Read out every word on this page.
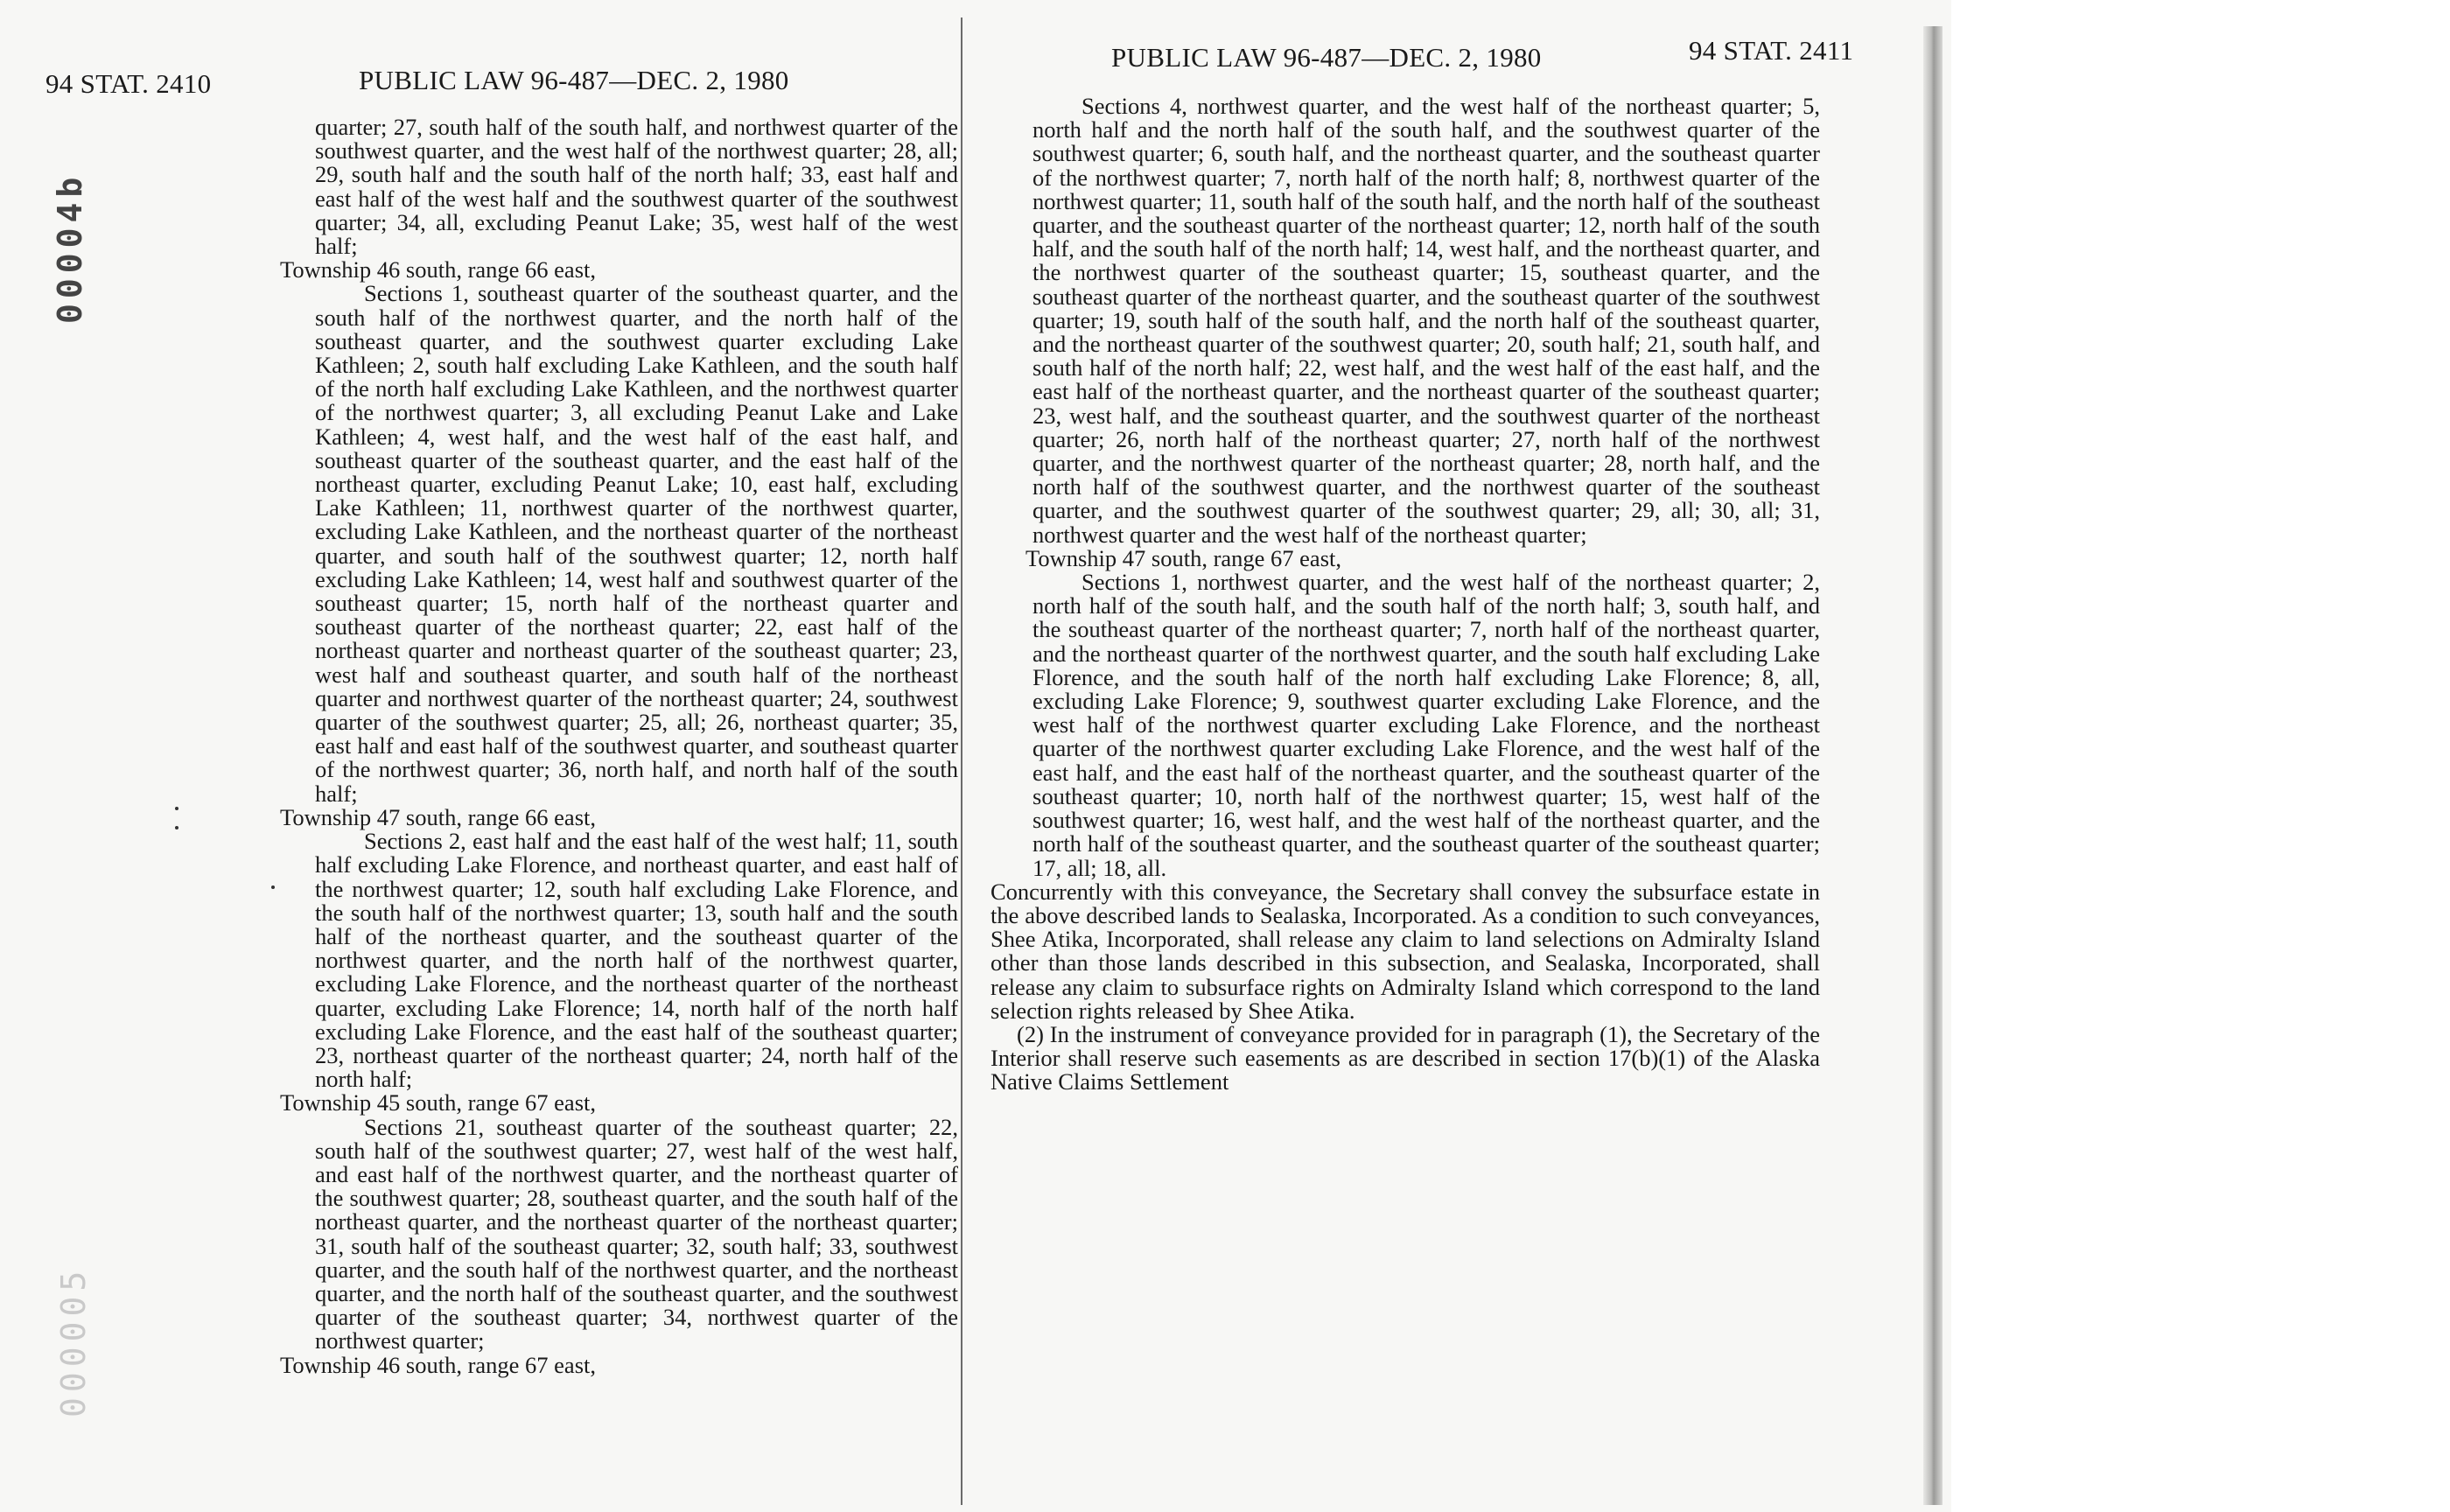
94 STAT. 2410	PUBLIC LAW 96-487—DEC. 2, 1980
00004b
000005

quarter; 27, south half of the south half, and northwest quarter of the southwest quarter, and the west half of the northwest quarter; 28, all; 29, south half and the south half of the north half; 33, east half and east half of the west half and the southwest quarter of the southwest quarter; 34, all, excluding Peanut Lake; 35, west half of the west half;

Township 46 south, range 66 east,

Sections 1, southeast quarter of the southeast quarter, and the south half of the northwest quarter, and the north half of the southeast quarter, and the southwest quarter excluding Lake Kathleen; 2, south half excluding Lake Kathleen, and the south half of the north half excluding Lake Kathleen, and the northwest quarter of the northwest quarter; 3, all excluding Peanut Lake and Lake Kathleen; 4, west half, and the west half of the east half, and southeast quarter of the southeast quarter, and the east half of the northeast quarter, excluding Peanut Lake; 10, east half, excluding Lake Kathleen; 11, northwest quarter of the northwest quarter, excluding Lake Kathleen, and the northeast quarter of the northeast quarter, and south half of the southwest quarter; 12, north half excluding Lake Kathleen; 14, west half and southwest quarter of the southeast quarter; 15, north half of the northeast quarter and southeast quarter of the northeast quarter; 22, east half of the northeast quarter and northeast quarter of the southeast quarter; 23, west half and southeast quarter, and south half of the northeast quarter and northwest quarter of the northeast quarter; 24, southwest quarter of the southwest quarter; 25, all; 26, northeast quarter; 35, east half and east half of the southwest quarter, and southeast quarter of the northwest quarter; 36, north half, and north half of the south half;

Township 47 south, range 66 east,

Sections 2, east half and the east half of the west half; 11, south half excluding Lake Florence, and northeast quarter, and east half of the northwest quarter; 12, south half excluding Lake Florence, and the south half of the northwest quarter; 13, south half and the south half of the northeast quarter, and the southeast quarter of the northwest quarter, and the north half of the northwest quarter, excluding Lake Florence, and the northeast quarter of the northeast quarter, excluding Lake Florence; 14, north half of the north half excluding Lake Florence, and the east half of the southeast quarter; 23, northeast quarter of the northeast quarter; 24, north half of the north half;

Township 45 south, range 67 east,

Sections 21, southeast quarter of the southeast quarter; 22, south half of the southwest quarter; 27, west half of the west half, and east half of the northwest quarter, and the northeast quarter of the southwest quarter; 28, southeast quarter, and the south half of the northeast quarter, and the northeast quarter of the northeast quarter; 31, south half of the southeast quarter; 32, south half; 33, southwest quarter, and the south half of the northwest quarter, and the northeast quarter, and the north half of the southeast quarter, and the southwest quarter of the southeast quarter; 34, northwest quarter of the northwest quarter;

Township 46 south, range 67 east,

PUBLIC LAW 96-487—DEC. 2, 1980	94 STAT. 2411

Sections 4, northwest quarter, and the west half of the northeast quarter; 5, north half and the north half of the south half, and the southwest quarter of the southwest quarter; 6, south half, and the northeast quarter, and the southeast quarter of the northwest quarter; 7, north half of the north half; 8, northwest quarter of the northwest quarter; 11, south half of the south half, and the north half of the southeast quarter, and the southeast quarter of the northeast quarter; 12, north half of the south half, and the south half of the north half; 14, west half, and the northeast quarter, and the northwest quarter of the southeast quarter; 15, southeast quarter, and the southeast quarter of the northeast quarter, and the southeast quarter of the southwest quarter; 19, south half of the south half, and the north half of the southeast quarter, and the northeast quarter of the southwest quarter; 20, south half; 21, south half, and south half of the north half; 22, west half, and the west half of the east half, and the east half of the northeast quarter, and the northeast quarter of the southeast quarter; 23, west half, and the southeast quarter, and the southwest quarter of the northeast quarter; 26, north half of the northeast quarter; 27, north half of the northwest quarter, and the northwest quarter of the northeast quarter; 28, north half, and the north half of the southwest quarter, and the northwest quarter of the southeast quarter, and the southwest quarter of the southwest quarter; 29, all; 30, all; 31, northwest quarter and the west half of the northeast quarter;

Township 47 south, range 67 east,

Sections 1, northwest quarter, and the west half of the northeast quarter; 2, north half of the south half, and the south half of the north half; 3, south half, and the southeast quarter of the northeast quarter; 7, north half of the northeast quarter, and the northeast quarter of the northwest quarter, and the south half excluding Lake Florence, and the south half of the north half excluding Lake Florence; 8, all, excluding Lake Florence; 9, southwest quarter excluding Lake Florence, and the west half of the northwest quarter excluding Lake Florence, and the northeast quarter of the northwest quarter excluding Lake Florence, and the west half of the east half, and the east half of the northeast quarter, and the southeast quarter of the southeast quarter; 10, north half of the northwest quarter; 15, west half of the southwest quarter; 16, west half, and the west half of the northeast quarter, and the north half of the southeast quarter, and the southeast quarter of the southeast quarter; 17, all; 18, all.

Concurrently with this conveyance, the Secretary shall convey the subsurface estate in the above described lands to Sealaska, Incorporated. As a condition to such conveyances, Shee Atika, Incorporated, shall release any claim to land selections on Admiralty Island other than those lands described in this subsection, and Sealaska, Incorporated, shall release any claim to subsurface rights on Admiralty Island which correspond to the land selection rights released by Shee Atika.

(2) In the instrument of conveyance provided for in paragraph (1), the Secretary of the Interior shall reserve such easements as are described in section 17(b)(1) of the Alaska Native Claims Settlement
